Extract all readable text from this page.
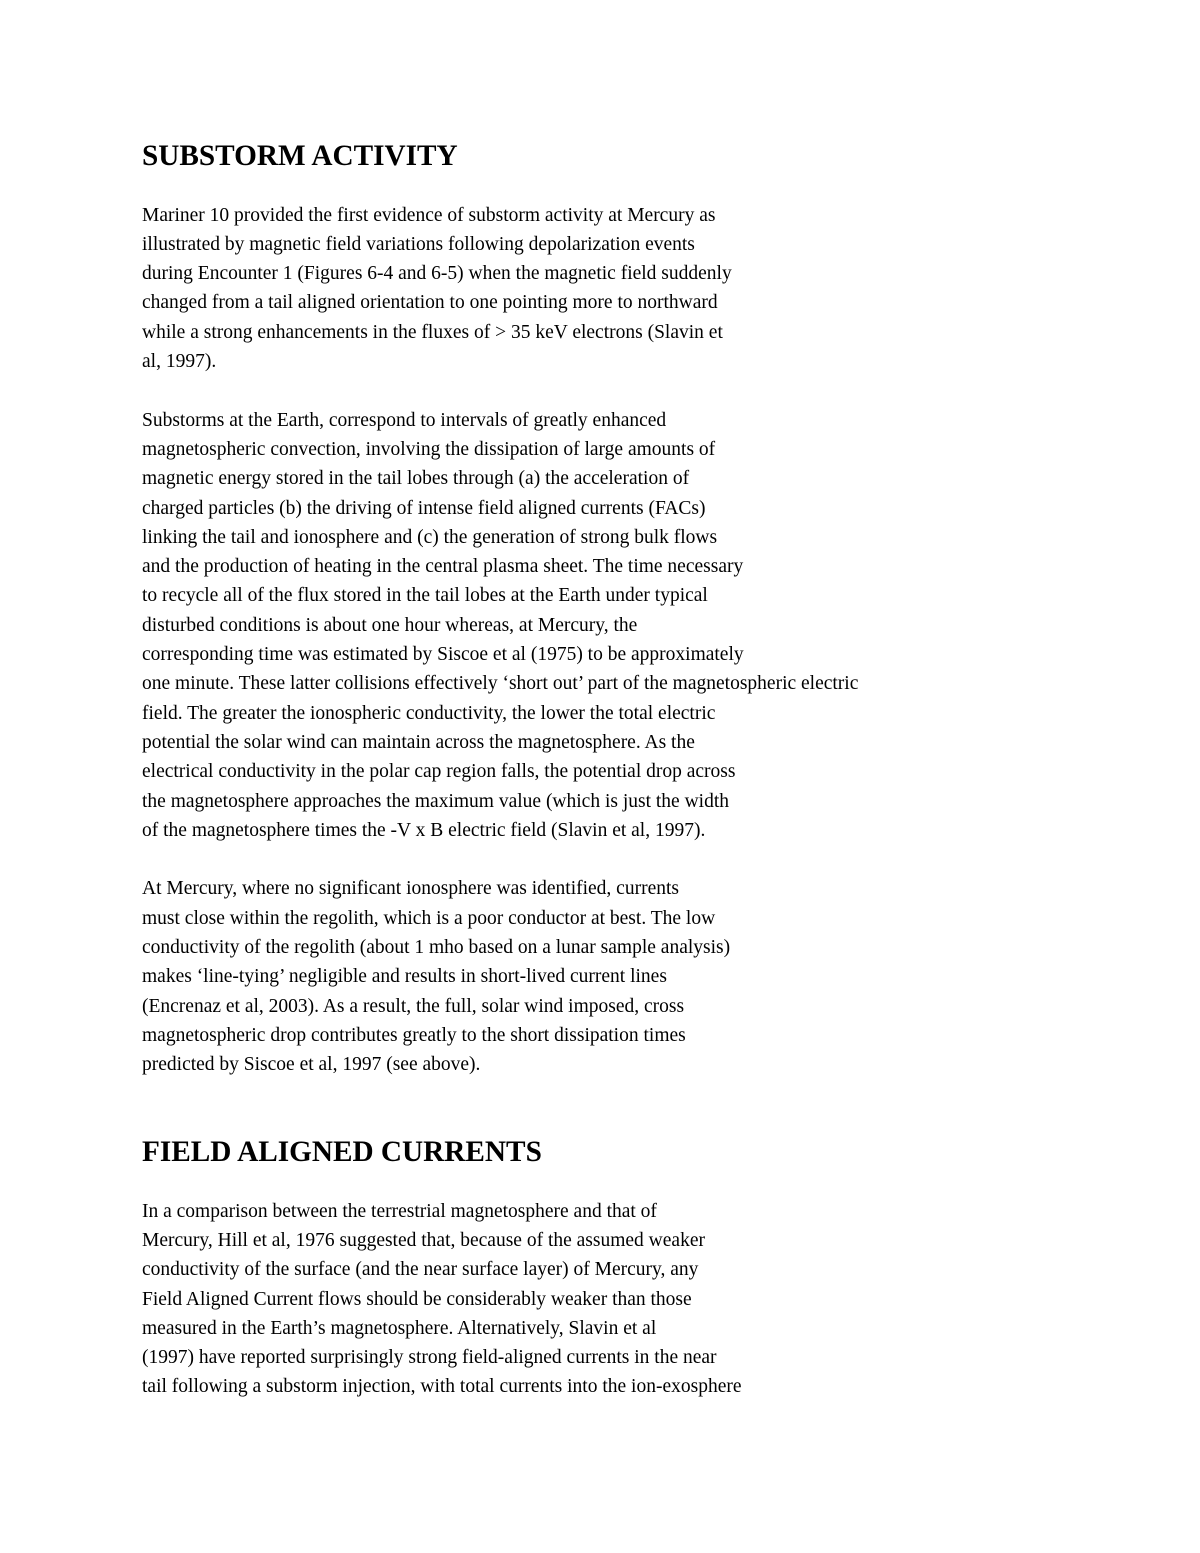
SUBSTORM ACTIVITY

Mariner 10 provided the first evidence of substorm activity at Mercury as
illustrated by magnetic field variations following depolarization events
during Encounter 1 (Figures 6-4 and 6-5) when the magnetic field suddenly
changed from a tail aligned orientation to one pointing more to northward
while a strong enhancements in the fluxes of > 35 keV electrons (Slavin et
al, 1997).

Substorms at the Earth, correspond to intervals of greatly enhanced
magnetospheric convection, involving the dissipation of large amounts of
magnetic energy stored in the tail lobes through (a) the acceleration of
charged particles (b) the driving of intense field aligned currents (FACs)
linking the tail and ionosphere and (c) the generation of strong bulk flows
and the production of heating in the central plasma sheet. The time necessary
to recycle all of the flux stored in the tail lobes at the Earth under typical
disturbed conditions is about one hour whereas, at Mercury, the
corresponding time was estimated by Siscoe et al (1975) to be approximately
one minute. These latter collisions effectively ‘short out’ part of the magnetospheric electric
field. The greater the ionospheric conductivity, the lower the total electric
potential the solar wind can maintain across the magnetosphere. As the
electrical conductivity in the polar cap region falls, the potential drop across
the magnetosphere approaches the maximum value (which is just the width
of the magnetosphere times the -V x B electric field (Slavin et al, 1997).

At Mercury, where no significant ionosphere was identified, currents
must close within the regolith, which is a poor conductor at best. The low
conductivity of the regolith (about 1 mho based on a lunar sample analysis)
makes ‘line-tying’ negligible and results in short-lived current lines
(Encrenaz et al, 2003). As a result, the full, solar wind imposed, cross
magnetospheric drop contributes greatly to the short dissipation times
predicted by Siscoe et al, 1997 (see above).

FIELD ALIGNED CURRENTS

In a comparison between the terrestrial magnetosphere and that of
Mercury, Hill et al, 1976 suggested that, because of the assumed weaker
conductivity of the surface (and the near surface layer) of Mercury, any
Field Aligned Current flows should be considerably weaker than those
measured in the Earth’s magnetosphere. Alternatively, Slavin et al
(1997) have reported surprisingly strong field-aligned currents in the near
tail following a substorm injection, with total currents into the ion-exosphere
